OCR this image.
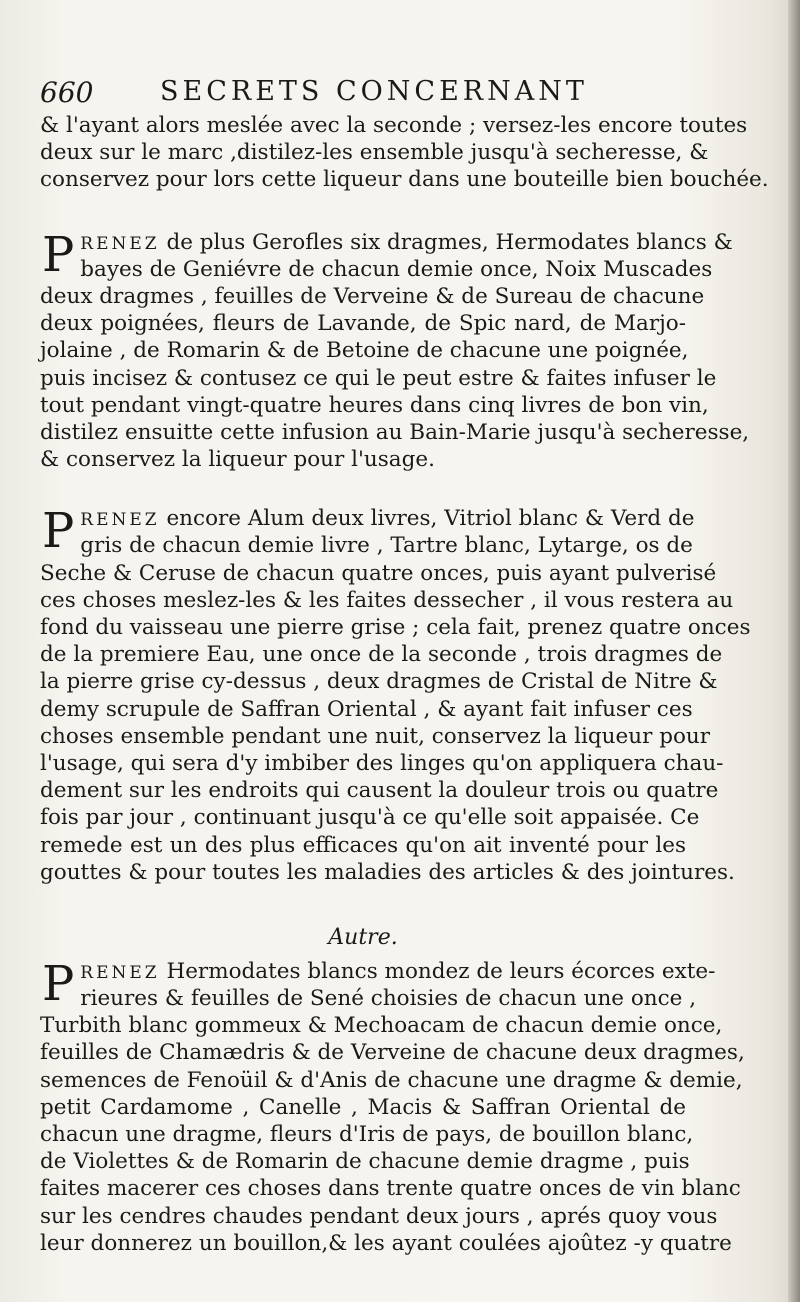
660 SECRETS CONCERNANT
& l'ayant alors meslée avec la seconde ; versez-les encore toutes
deux sur le marc ,distilez-les ensemble jusqu'à secheresse, &
conservez pour lors cette liqueur dans une bouteille bien bouchée.
P RENEZ de plus Gerofles six dragmes, Hermodates blancs &
bayes de Geniévre de chacun demie once, Noix Muscades
deux dragmes , feuilles de Verveine & de Sureau de chacune
deux poignées, fleurs de Lavande, de Spic nard, de Marjo-
jolaine , de Romarin & de Betoine de chacune une poignée,
puis incisez & contusez ce qui le peut estre & faites infuser le
tout pendant vingt-quatre heures dans cinq livres de bon vin,
distilez ensuitte cette infusion au Bain-Marie jusqu'à secheresse,
& conservez la liqueur pour l'usage.
P RENEZ encore Alum deux livres, Vitriol blanc & Verd de
gris de chacun demie livre , Tartre blanc, Lytarge, os de
Seche & Ceruse de chacun quatre onces, puis ayant pulverisé
ces choses meslez-les & les faites dessecher , il vous restera au
fond du vaisseau une pierre grise ; cela fait, prenez quatre onces
de la premiere Eau, une once de la seconde , trois dragmes de
la pierre grise cy-dessus , deux dragmes de Cristal de Nitre &
demy scrupule de Saffran Oriental , & ayant fait infuser ces
choses ensemble pendant une nuit, conservez la liqueur pour
l'usage, qui sera d'y imbiber des linges qu'on appliquera chau-
dement sur les endroits qui causent la douleur trois ou quatre
fois par jour , continuant jusqu'à ce qu'elle soit appaisée. Ce
remede est un des plus efficaces qu'on ait inventé pour les
gouttes & pour toutes les maladies des articles & des jointures.
Autre.
P RENEZ Hermodates blancs mondez de leurs écorces exte-
rieures & feuilles de Sené choisies de chacun une once ,
Turbith blanc gommeux & Mechoacam de chacun demie once,
feuilles de Chamædris & de Verveine de chacune deux dragmes,
semences de Fenoüil & d'Anis de chacune une dragme & demie,
petit Cardamome , Canelle , Macis & Saffran Oriental de
chacun une dragme, fleurs d'Iris de pays, de bouillon blanc,
de Violettes & de Romarin de chacune demie dragme , puis
faites macerer ces choses dans trente quatre onces de vin blanc
sur les cendres chaudes pendant deux jours , aprés quoy vous
leur donnerez un bouillon,& les ayant coulées ajoûtez -y quatre
